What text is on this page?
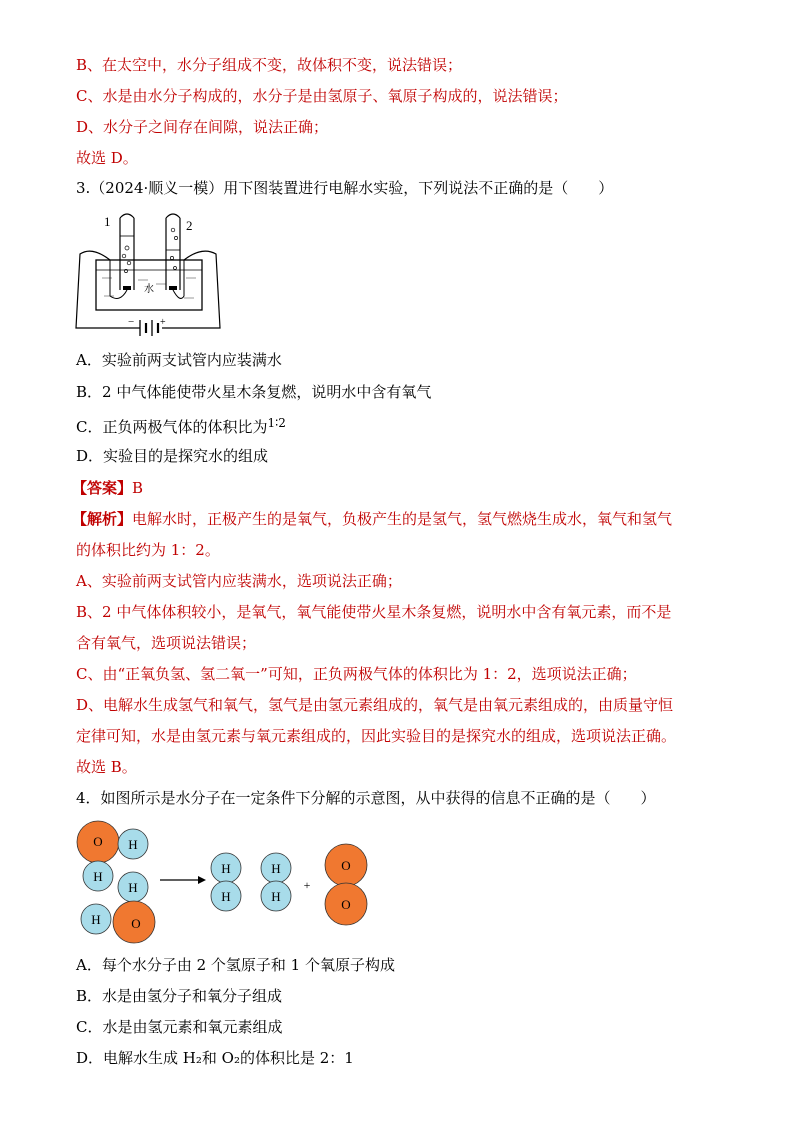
B、在太空中，水分子组成不变，故体积不变，说法错误；
C、水是由水分子构成的，水分子是由氢原子、氧原子构成的，说法错误；
D、水分子之间存在间隙，说法正确；
故选 D。
3.（2024·顺义一模）用下图装置进行电解水实验，下列说法不正确的是（　　）
1	2
水
−	+
A．实验前两支试管内应装满水
B．2 中气体能使带火星木条复燃，说明水中含有氧气
C．正负两极气体的体积比为$^{1∶2}$
D．实验目的是探究水的组成
【答案】B
【解析】电解水时，正极产生的是氧气，负极产生的是氢气，氢气燃烧生成水，氧气和氢气
的体积比约为 1：2。
A、实验前两支试管内应装满水，选项说法正确；
B、2 中气体体积较小，是氧气，氧气能使带火星木条复燃，说明水中含有氧元素，而不是
含有氧气，选项说法错误；
C、由“正氧负氢、氢二氧一”可知，正负两极气体的体积比为 1：2，选项说法正确；
D、电解水生成氢气和氧气，氢气是由氢元素组成的，氧气是由氧元素组成的，由质量守恒
定律可知，水是由氢元素与氧元素组成的，因此实验目的是探究水的组成，选项说法正确。
故选 B。
4．如图所示是水分子在一定条件下分解的示意图，从中获得的信息不正确的是（　　）
O H
H
H
H O
H
H
H
H
O
O
+
A．每个水分子由 2 个氢原子和 1 个氧原子构成
B．水是由氢分子和氧分子组成
C．水是由氢元素和氧元素组成
D．电解水生成 H₂和 O₂的体积比是 2：1
